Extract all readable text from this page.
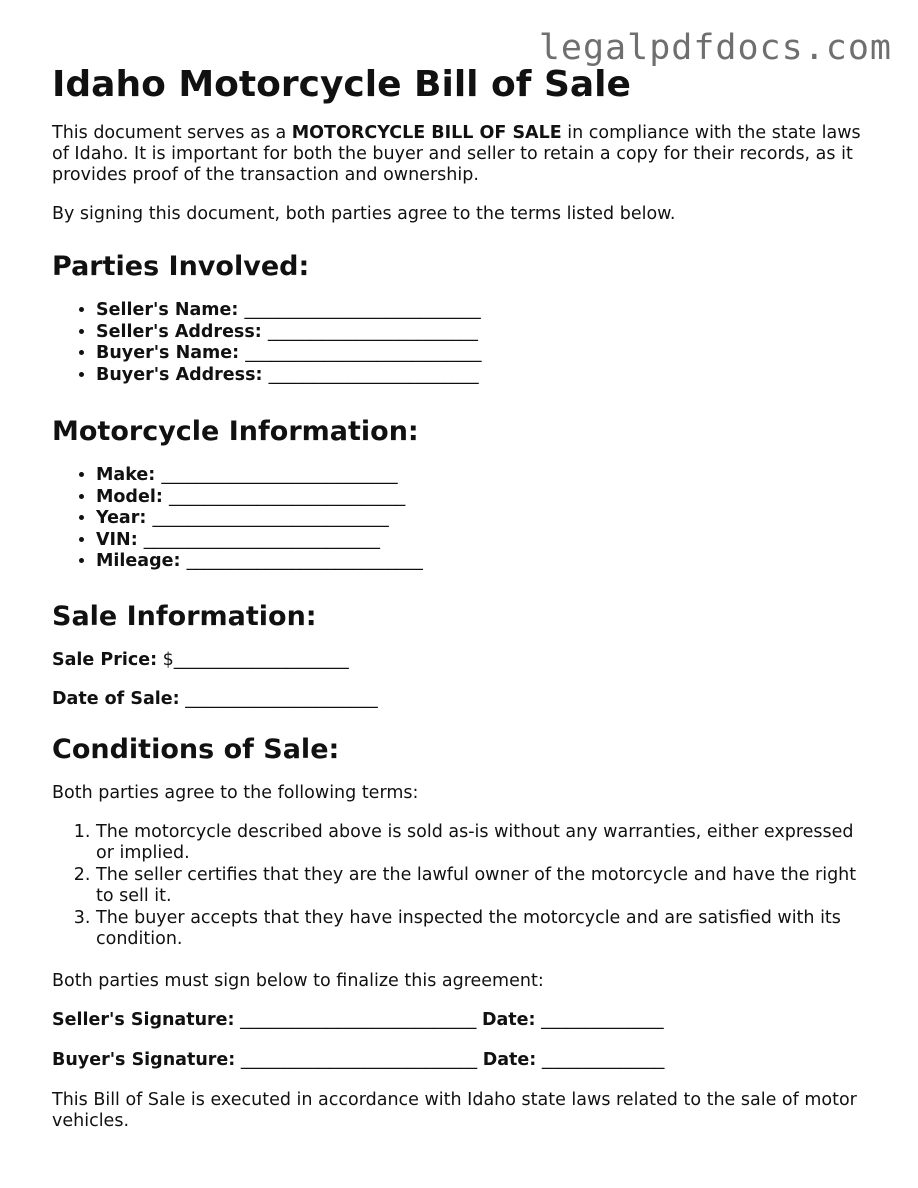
legalpdfdocs.com
Idaho Motorcycle Bill of Sale

This document serves as a MOTORCYCLE BILL OF SALE in compliance with the state laws of Idaho. It is important for both the buyer and seller to retain a copy for their records, as it provides proof of the transaction and ownership.

By signing this document, both parties agree to the terms listed below.

Parties Involved:
• Seller's Name: ___________________________
• Seller's Address: ________________________
• Buyer's Name: ___________________________
• Buyer's Address: ________________________
Motorcycle Information:
• Make: ___________________________
• Model: ___________________________
• Year: ___________________________
• VIN: ___________________________
• Mileage: ___________________________
Sale Information:
Sale Price: $____________________
Date of Sale: ______________________
Conditions of Sale:

Both parties agree to the following terms:

1. The motorcycle described above is sold as-is without any warranties, either expressed or implied.
2. The seller certifies that they are the lawful owner of the motorcycle and have the right to sell it.
3. The buyer accepts that they have inspected the motorcycle and are satisfied with its condition.

Both parties must sign below to finalize this agreement:

Seller's Signature: ___________________________ Date: ______________
Buyer's Signature: ___________________________ Date: ______________

This Bill of Sale is executed in accordance with Idaho state laws related to the sale of motor vehicles.
